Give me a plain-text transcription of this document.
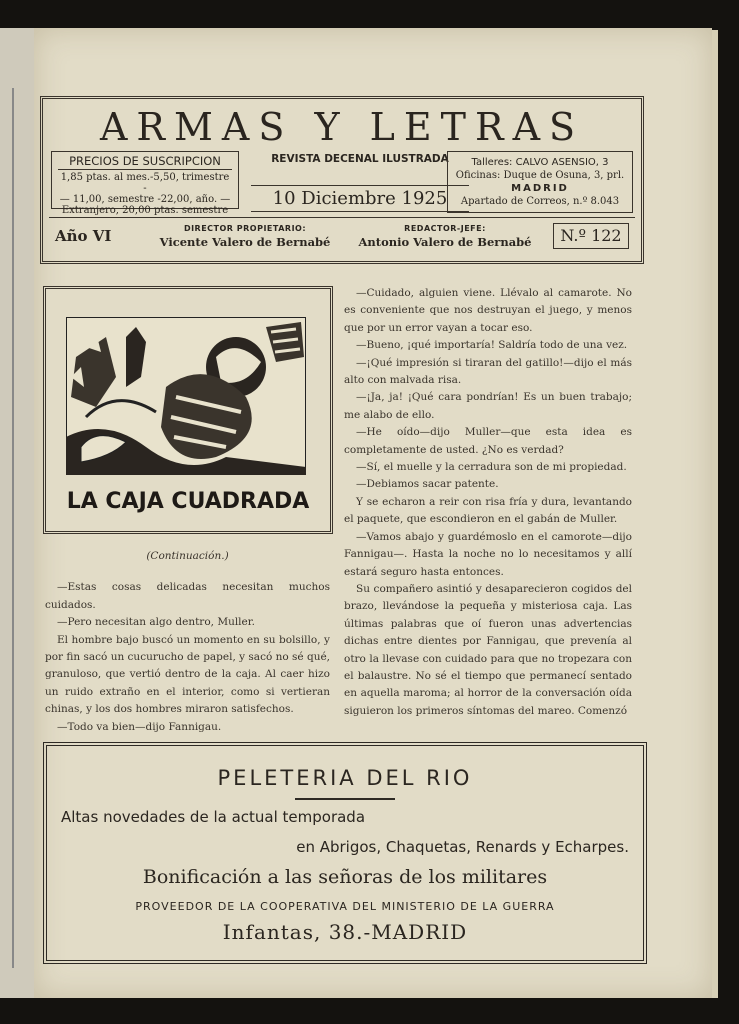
ARMAS Y LETRAS
PRECIOS DE SUSCRIPCION
1,85 ptas. al mes.-5,50, trimestre -
— 11,00, semestre -22,00, año. —
Extranjero, 20,00 ptas. semestre
REVISTA DECENAL ILUSTRADA
10 Diciembre 1925
Talleres: CALVO ASENSIO, 3
Oficinas: Duque de Osuna, 3, prl.
MADRID
Apartado de Correos, n.º 8.043
Año VI	DIRECTOR PROPIETARIO:
Vicente Valero de Bernabé
REDACTOR-JEFE:
Antonio Valero de Bernabé	N.º 122
LA CAJA CUADRADA

(Continuación.)

—Estas cosas delicadas necesitan muchos cuidados.

—Pero necesitan algo dentro, Muller.

El hombre bajo buscó un momento en su bolsillo, y por fin sacó un cucurucho de papel, y sacó no sé qué, granuloso, que vertió dentro de la caja. Al caer hizo un ruido extraño en el interior, como si vertieran chinas, y los dos hombres miraron satisfechos.

—Todo va bien—dijo Fannigau.

—Cuidado, alguien viene. Llévalo al camarote. No es conveniente que nos destruyan el juego, y menos que por un error vayan a tocar eso.

—Bueno, ¡qué importaría! Saldría todo de una vez.

—¡Qué impresión si tiraran del gatillo!—dijo el más alto con malvada risa.

—¡Ja, ja! ¡Qué cara pondrían! Es un buen trabajo; me alabo de ello.

—He oído—dijo Muller—que esta idea es completamente de usted. ¿No es verdad?

—Sí, el muelle y la cerradura son de mi propiedad.

—Debiamos sacar patente.

Y se echaron a reir con risa fría y dura, levantando el paquete, que escondieron en el gabán de Muller.

—Vamos abajo y guardémoslo en el camorote—dijo Fannigau—. Hasta la noche no lo necesitamos y allí estará seguro hasta entonces.

Su compañero asintió y desaparecieron cogidos del brazo, llevándose la pequeña y misteriosa caja. Las últimas palabras que oí fueron unas advertencias dichas entre dientes por Fannigau, que prevenía al otro la llevase con cuidado para que no tropezara con el balaustre. No sé el tiempo que permanecí sentado en aquella maroma; al horror de la conversación oída siguieron los primeros síntomas del mareo. Comenzó

PELETERIA DEL RIO
Altas novedades de la actual temporada
en Abrigos, Chaquetas, Renards y Echarpes.
Bonificación a las señoras de los militares
PROVEEDOR DE LA COOPERATIVA DEL MINISTERIO DE LA GUERRA
Infantas, 38.-MADRID
